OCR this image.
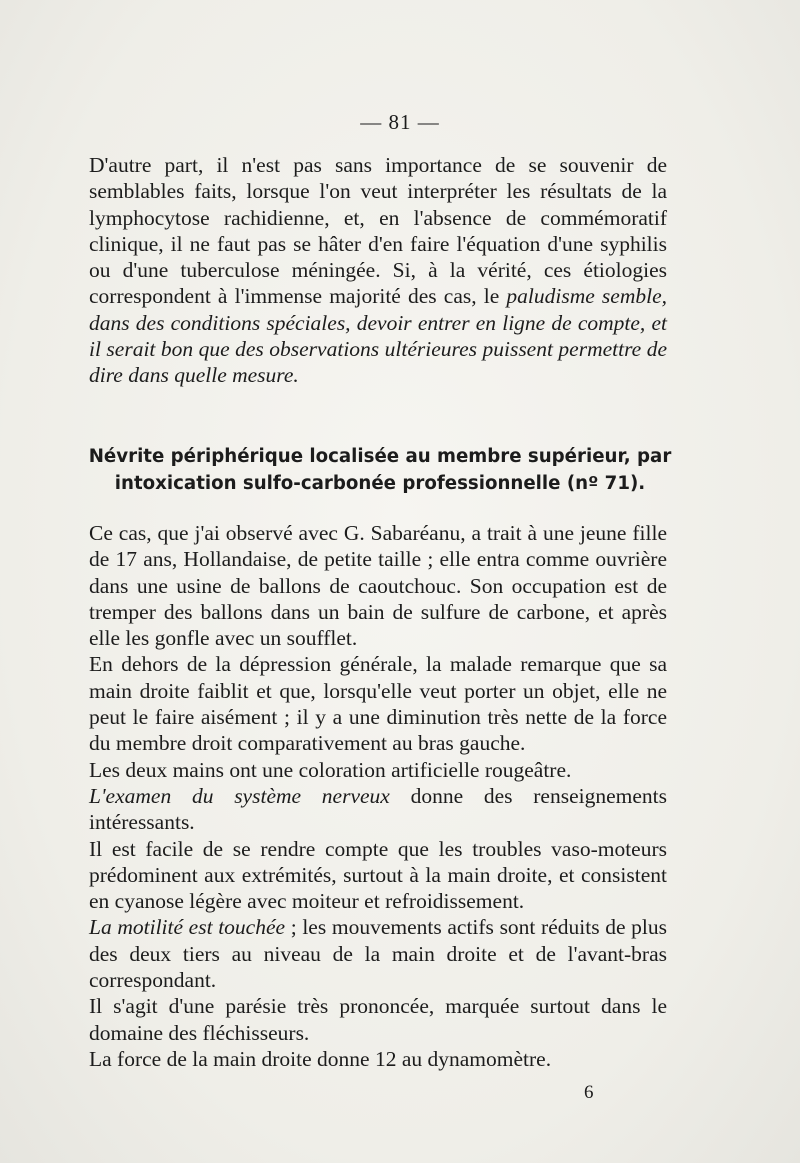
— 81 —

D'autre part, il n'est pas sans importance de se souvenir de semblables faits, lorsque l'on veut interpréter les résultats de la lymphocytose rachidienne, et, en l'absence de commémoratif clinique, il ne faut pas se hâter d'en faire l'équation d'une syphilis ou d'une tuberculose méningée. Si, à la vérité, ces étiologies correspondent à l'immense majorité des cas, le paludisme semble, dans des conditions spéciales, devoir entrer en ligne de compte, et il serait bon que des observations ultérieures puissent permettre de dire dans quelle mesure.

Névrite périphérique localisée au membre supérieur, par
intoxication sulfo-carbonée professionnelle (nº 71).

Ce cas, que j'ai observé avec G. Sabaréanu, a trait à une jeune fille de 17 ans, Hollandaise, de petite taille ; elle entra comme ouvrière dans une usine de ballons de caoutchouc. Son occupation est de tremper des ballons dans un bain de sulfure de carbone, et après elle les gonfle avec un soufflet.

En dehors de la dépression générale, la malade remarque que sa main droite faiblit et que, lorsqu'elle veut porter un objet, elle ne peut le faire aisément ; il y a une diminution très nette de la force du membre droit comparativement au bras gauche.

Les deux mains ont une coloration artificielle rougeâtre.

L'examen du système nerveux donne des renseignements intéressants.

Il est facile de se rendre compte que les troubles vaso-moteurs prédominent aux extrémités, surtout à la main droite, et consistent en cyanose légère avec moiteur et refroidissement.

La motilité est touchée ; les mouvements actifs sont réduits de plus des deux tiers au niveau de la main droite et de l'avant-bras correspondant.

Il s'agit d'une parésie très prononcée, marquée surtout dans le domaine des fléchisseurs.

La force de la main droite donne 12 au dynamomètre.

6
